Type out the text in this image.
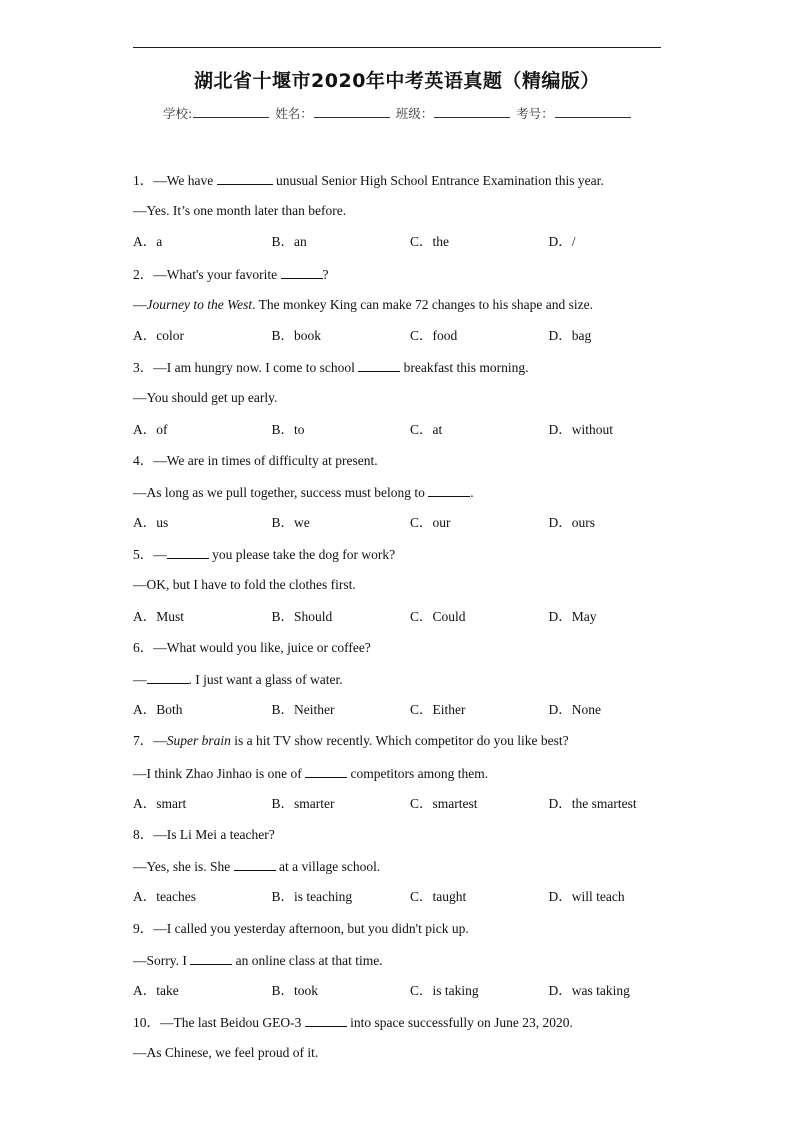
湖北省十堰市2020年中考英语真题（精编版）
学校:	姓名：	班级：	考号：
1．—We have	unusual Senior High School Entrance Examination this year.
—Yes. It’s one month later than before.
A．a	B．an	C．the	D．/
2．—What's your favorite	?
—Journey to the West. The monkey King can make 72 changes to his shape and size.
A．color	B．book	C．food	D．bag
3．—I am hungry now. I come to school	breakfast this morning.
—You should get up early.
A．of	B．to	C．at	D．without
4．—We are in times of difficulty at present.
—As long as we pull together, success must belong to	.
A．us	B．we	C．our	D．ours
5．—	you please take the dog for work?
—OK, but I have to fold the clothes first.
A．Must	B．Should	C．Could	D．May
6．—What would you like, juice or coffee?
—	. I just want a glass of water.
A．Both	B．Neither	C．Either	D．None
7．—Super brain is a hit TV show recently. Which competitor do you like best?
—I think Zhao Jinhao is one of	competitors among them.
A．smart	B．smarter	C．smartest	D．the smartest
8．—Is Li Mei a teacher?
—Yes, she is. She	at a village school.
A．teaches	B．is teaching	C．taught	D．will teach
9．—I called you yesterday afternoon, but you didn't pick up.
—Sorry. I	an online class at that time.
A．take	B．took	C．is taking	D．was taking
10．—The last Beidou GEO-3	into space successfully on June 23, 2020.
—As Chinese, we feel proud of it.
